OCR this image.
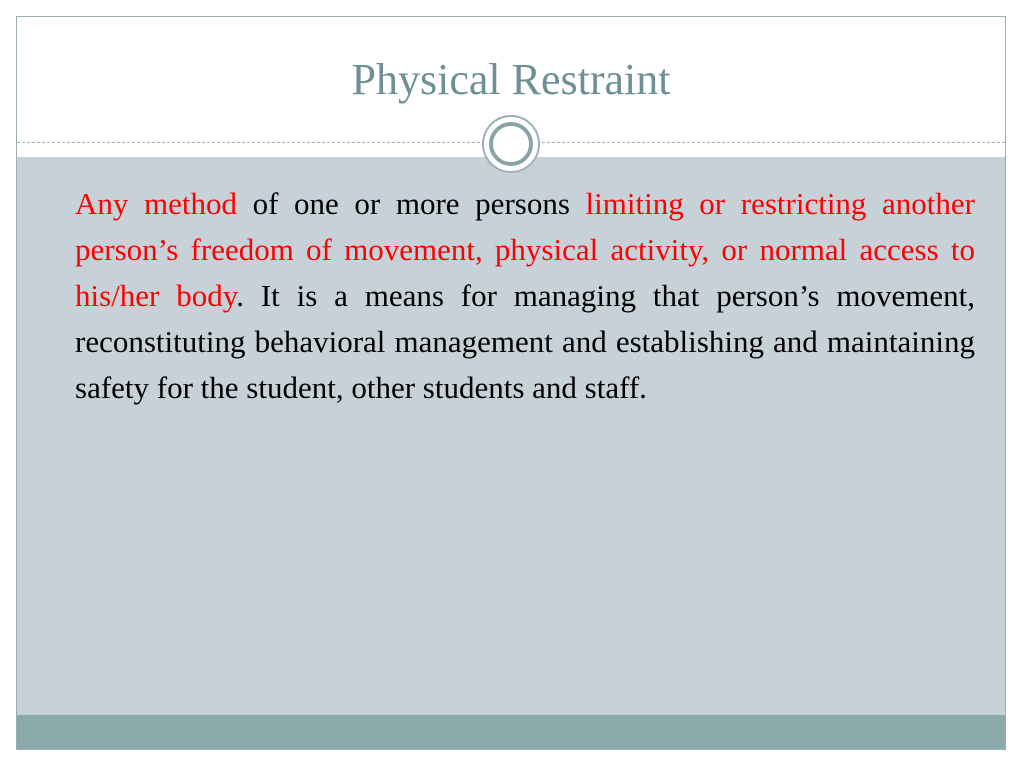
Physical Restraint
Any method of one or more persons limiting or restricting another person’s freedom of movement, physical activity, or normal access to his/her body. It is a means for managing that person’s movement, reconstituting behavioral management and establishing and maintaining safety for the student, other students and staff.
